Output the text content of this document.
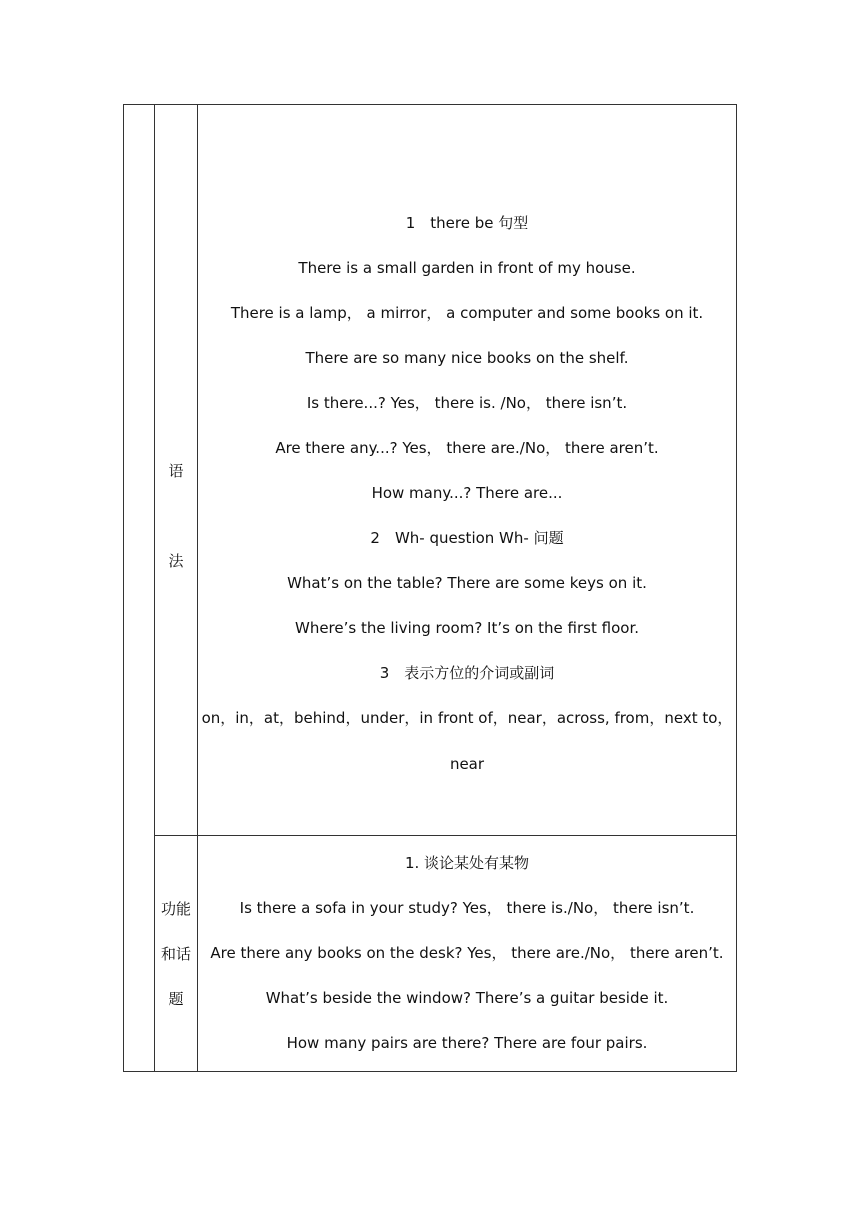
语
法
1　there be 句型
There is a small garden in front of my house.
There is a lamp， a mirror， a computer and some books on it.
There are so many nice books on the shelf.
Is there...? Yes， there is. /No， there isn’t.
Are there any...? Yes， there are./No， there aren’t.
How many...? There are...
2　Wh- question Wh- 问题
What’s on the table? There are some keys on it.
Where’s the living room? It’s on the first floor.
3　表示方位的介词或副词
on，in，at，behind，under，in front of，near，across, from，next to，
near
功能
和话
题
1. 谈论某处有某物
Is there a sofa in your study? Yes， there is./No， there isn’t.
Are there any books on the desk? Yes， there are./No， there aren’t.
What’s beside the window? There’s a guitar beside it.
How many pairs are there? There are four pairs.
